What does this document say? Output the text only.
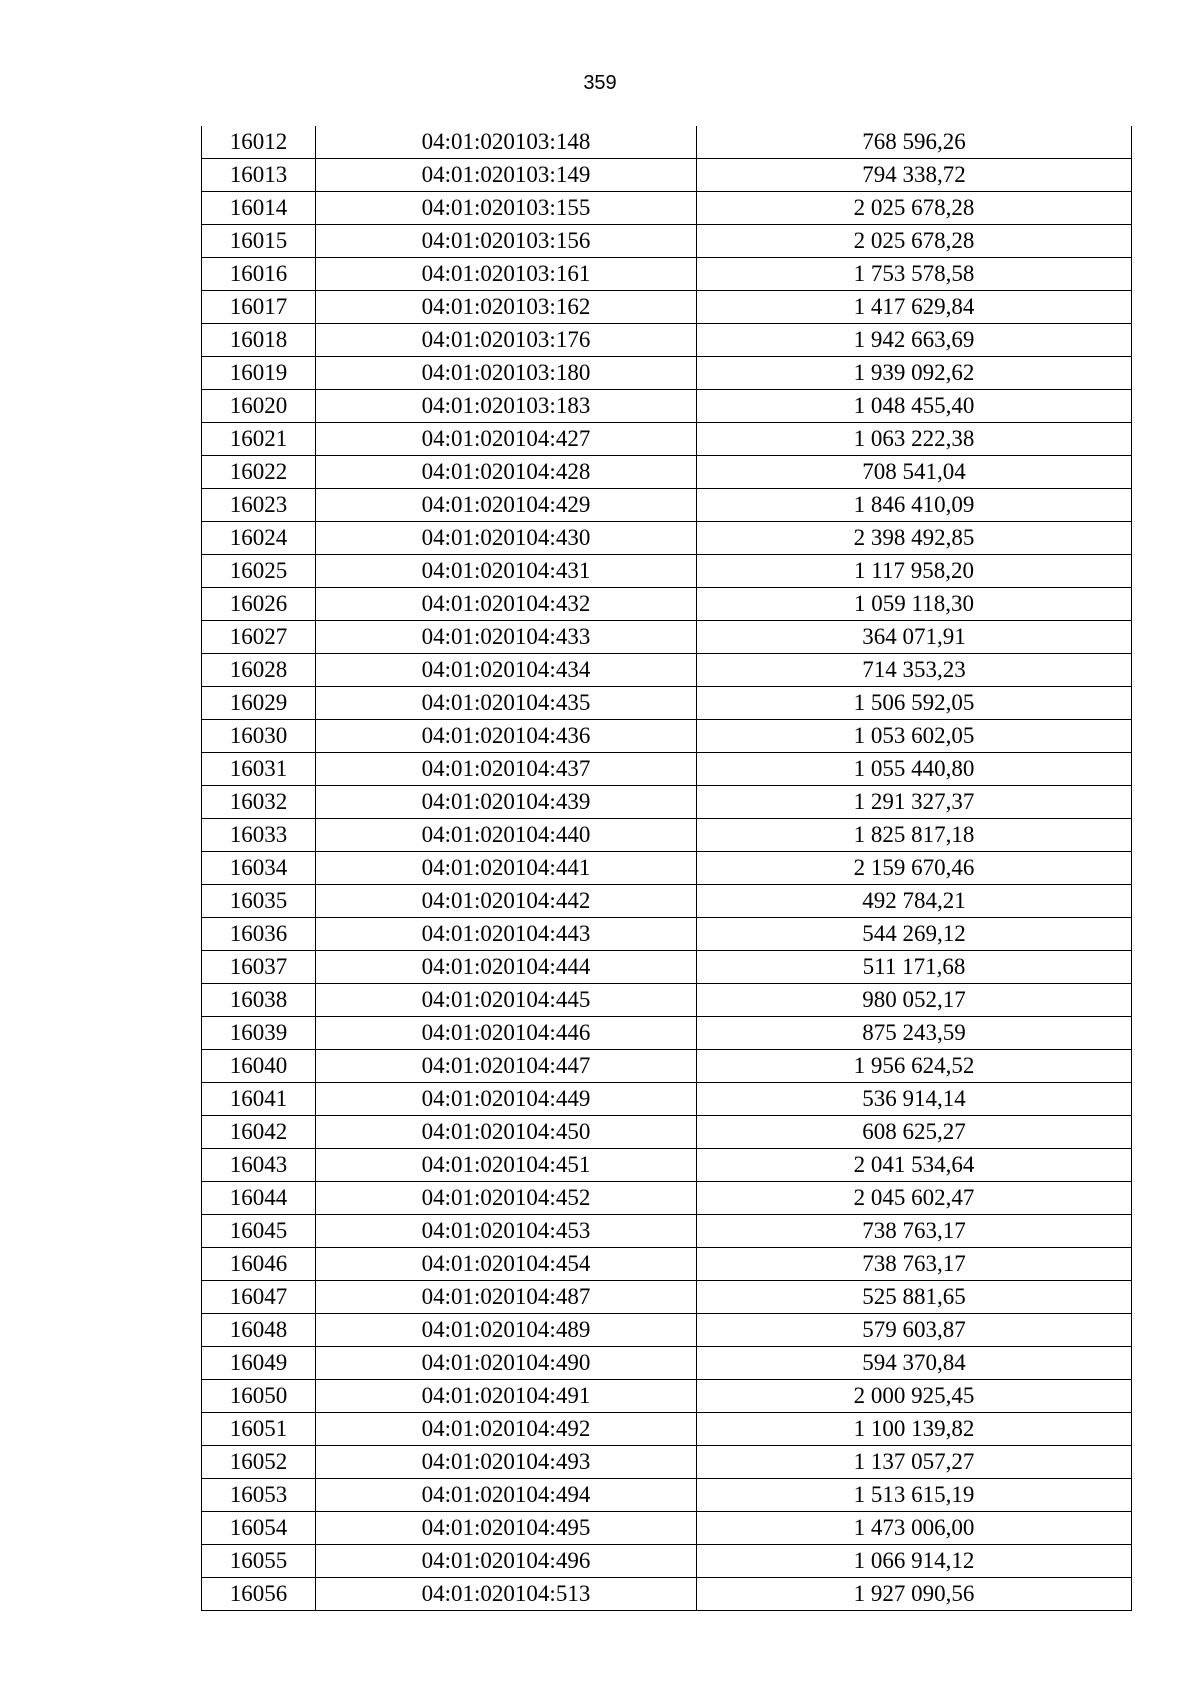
359
16012	04:01:020103:148	768 596,26
16013	04:01:020103:149	794 338,72
16014	04:01:020103:155	2 025 678,28
16015	04:01:020103:156	2 025 678,28
16016	04:01:020103:161	1 753 578,58
16017	04:01:020103:162	1 417 629,84
16018	04:01:020103:176	1 942 663,69
16019	04:01:020103:180	1 939 092,62
16020	04:01:020103:183	1 048 455,40
16021	04:01:020104:427	1 063 222,38
16022	04:01:020104:428	708 541,04
16023	04:01:020104:429	1 846 410,09
16024	04:01:020104:430	2 398 492,85
16025	04:01:020104:431	1 117 958,20
16026	04:01:020104:432	1 059 118,30
16027	04:01:020104:433	364 071,91
16028	04:01:020104:434	714 353,23
16029	04:01:020104:435	1 506 592,05
16030	04:01:020104:436	1 053 602,05
16031	04:01:020104:437	1 055 440,80
16032	04:01:020104:439	1 291 327,37
16033	04:01:020104:440	1 825 817,18
16034	04:01:020104:441	2 159 670,46
16035	04:01:020104:442	492 784,21
16036	04:01:020104:443	544 269,12
16037	04:01:020104:444	511 171,68
16038	04:01:020104:445	980 052,17
16039	04:01:020104:446	875 243,59
16040	04:01:020104:447	1 956 624,52
16041	04:01:020104:449	536 914,14
16042	04:01:020104:450	608 625,27
16043	04:01:020104:451	2 041 534,64
16044	04:01:020104:452	2 045 602,47
16045	04:01:020104:453	738 763,17
16046	04:01:020104:454	738 763,17
16047	04:01:020104:487	525 881,65
16048	04:01:020104:489	579 603,87
16049	04:01:020104:490	594 370,84
16050	04:01:020104:491	2 000 925,45
16051	04:01:020104:492	1 100 139,82
16052	04:01:020104:493	1 137 057,27
16053	04:01:020104:494	1 513 615,19
16054	04:01:020104:495	1 473 006,00
16055	04:01:020104:496	1 066 914,12
16056	04:01:020104:513	1 927 090,56
